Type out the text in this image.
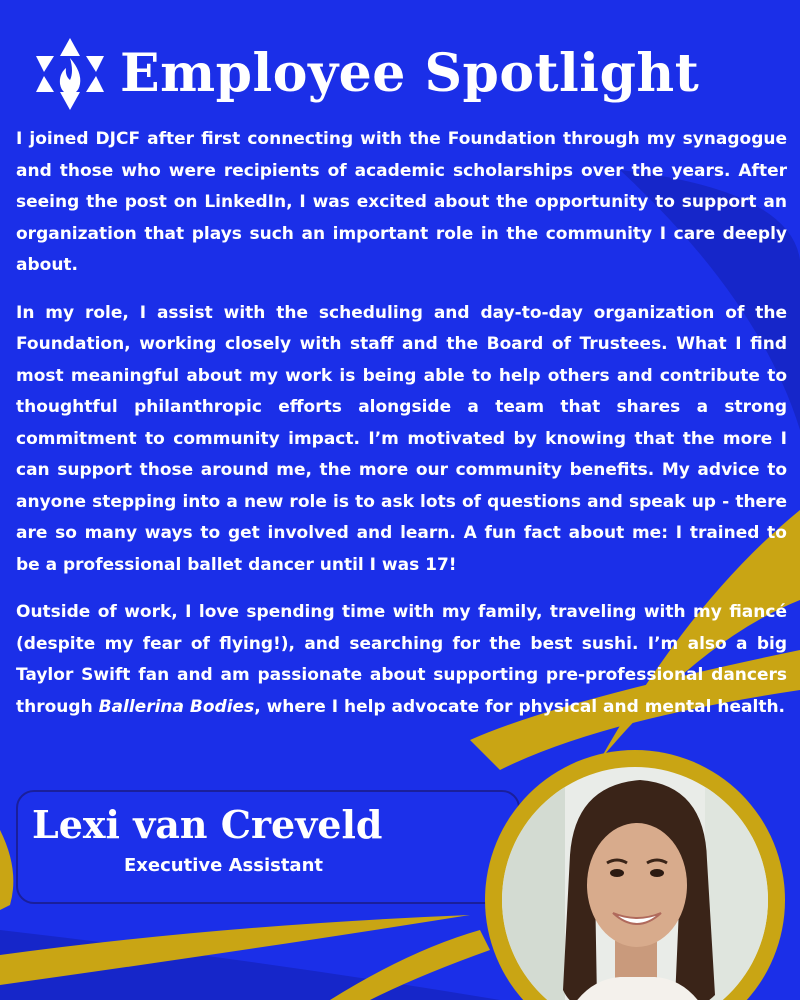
Employee Spotlight

I joined DJCF after first connecting with the Foundation through my synagogue and those who were recipients of academic scholarships over the years. After seeing the post on LinkedIn, I was excited about the opportunity to support an organization that plays such an important role in the community I care deeply about.

In my role, I assist with the scheduling and day-to-day organization of the Foundation, working closely with staff and the Board of Trustees. What I find most meaningful about my work is being able to help others and contribute to thoughtful philanthropic efforts alongside a team that shares a strong commitment to community impact. I’m motivated by knowing that the more I can support those around me, the more our community benefits. My advice to anyone stepping into a new role is to ask lots of questions and speak up - there are so many ways to get involved and learn. A fun fact about me: I trained to be a professional ballet dancer until I was 17!

Outside of work, I love spending time with my family, traveling with my fiancé (despite my fear of flying!), and searching for the best sushi. I’m also a big Taylor Swift fan and am passionate about supporting pre-professional dancers through Ballerina Bodies, where I help advocate for physical and mental health.

Lexi van Creveld
Executive Assistant
